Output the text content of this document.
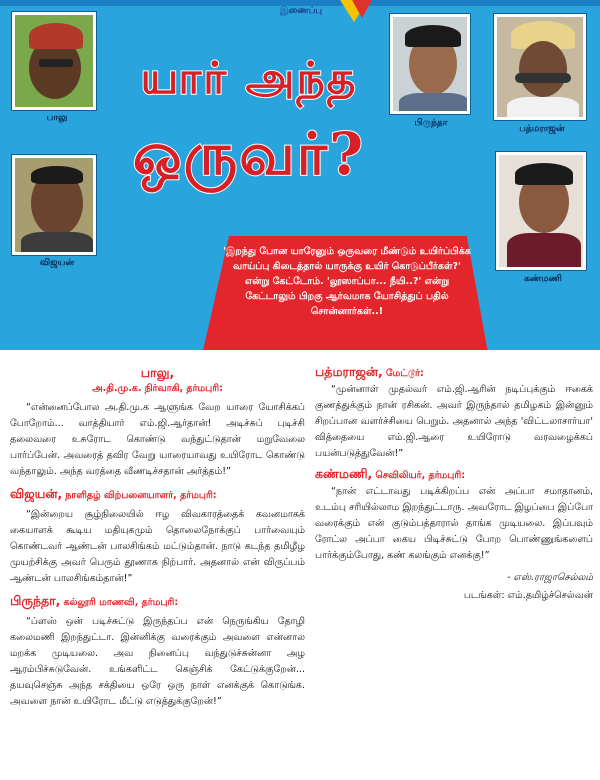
இணைப்பு
பாலு
விஜயன்
பிருந்தா
பத்மராஜன்
கண்மணி
யார் அந்த
ஒருவர்?
'இறந்து போன யாரேனும் ஒருவரை மீண்டும் உயிர்ப்பிக்க வாய்ப்பு கிடைத்தால் யாருக்கு உயிர் கொடுப்பீர்கள்?' என்று கேட்டோம். 'லூஸாப்பா... நீயி..?' என்று கேட்டாலும் பிறகு ஆர்வமாக யோசித்துப் பதில் சொன்னார்கள்..!
பாலு,
அ.தி.மு.க. நிர்வாகி, தர்மபுரி:

“என்னைப்போல அ.தி.மு.க ஆளுங்க வேற யாரை யோசிக்கப் போறோம்... வாத்தியார் எம்.ஜி.ஆர்தான்! அடிச்சுப் புடிச்சி தலைவரை உசுரோட கொண்டு வந்துட்டுதான் மறுவேலை பார்ப்பேன். அவரைத் தவிர வேறு யாரையாவது உயிரோட கொண்டு வந்தாலும். அந்த வரத்தை வீணடிச்சதான் அர்த்தம்!”

விஜயன், நாளிதழ் விற்பனையாளர், தர்மபுரி:

“இன்றைய சூழ்நிலையில் ஈழ விவகாரத்தைக் கவனமாகக் கையாளக் கூடிய மதியுகமும் தொலைநோக்குப் பார்வையும் கொண்டவர் ஆண்டன் பாலசிங்கம் மட்டும்தான். நாடு கடந்த தமிழீழ முயற்சிக்கு அவர் பெரும் தூணாக நிற்பார். அதனால் என் விருப்பம் ஆண்டன் பாலசிங்கம்தான்!”

பிருந்தா, கல்லூரி மாணவி, தர்மபுரி:

“ப்ளஸ் ஒன் படிச்சுட்டு இருந்தப்ப என் நெருங்கிய தோழி கலைமணி இறந்துட்டா. இன்னிக்கு வரைக்கும் அவளை என்னால மறக்க முடியலை. அவ நினைப்பு வந்துடுச்சுன்னா அழ ஆரம்பிச்சுடுவேன். உங்களிட்ட கெஞ்சிக் கேட்டுக்குறேன்... தயவுசெஞ்சு அந்த சக்தியை ஒரே ஒரு நாள் எனக்குக் கொடுங்க. அவளை நான் உயிரோட மீட்டு எடுத்துக்குறேன்!”

பத்மராஜன், மேட்டூர்:

“முன்னாள் முதல்வர் எம்.ஜி.ஆரின் நடிப்புக்கும் ஈகைக் குணத்துக்கும் நான் ரசிகன். அவர் இருந்தால் தமிழகம் இன்னும் சிறப்பான வளர்ச்சியை பெறும். அதனால் அந்த 'விட்டலாசார்யா' வித்தையை எம்.ஜி.ஆரை உயிரோடு வரவழைக்கப் பயன்படுத்துவேன்!”

கண்மணி, செவிலியர், தர்மபுரி:

“நான் எட்டாவது படிக்கிறப்ப என் அப்பா சமாதானம், உடம்பு சரியில்லாம இறந்துட்டாரு. அவரோட இழப்பை இப்போ வரைக்கும் என் குடும்பத்தாரால் தாங்க முடியலை. இப்பவும் ரோட்ல அப்பா கைய பிடிச்சுட்டு போற பொண்ணுங்களைப் பார்க்கும்போது, கண் கலங்கும் எனக்கு!”

- எஸ்.ராஜாசெல்லம்
படங்கள்: எம்.தமிழ்ச்செல்வன்
